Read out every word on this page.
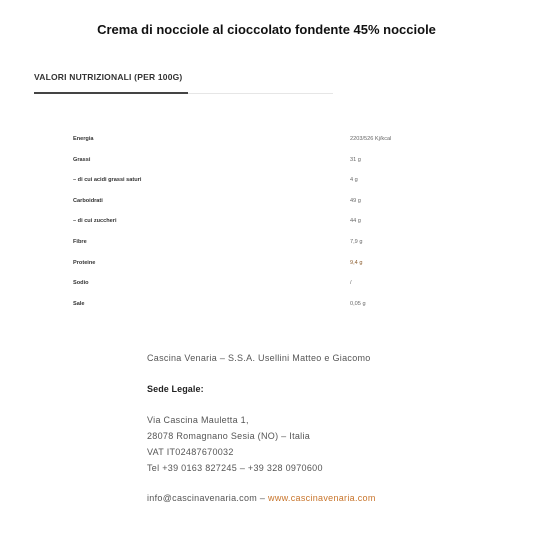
Crema di nocciole al cioccolato fondente 45% nocciole
VALORI NUTRIZIONALI (PER 100G)
Energia	2203/526 Kj/kcal
Grassi	31 g
– di cui acidi grassi saturi	4 g
Carboidrati	49 g
– di cui zuccheri	44 g
Fibre	7,9 g
Proteine	9,4 g
Sodio	/
Sale	0,05 g
Cascina Venaria – S.S.A. Usellini Matteo e Giacomo
Sede Legale:
Via Cascina Mauletta 1,
28078 Romagnano Sesia (NO) – Italia
VAT IT02487670032
Tel +39 0163 827245 – +39 328 0970600
info@cascinavenaria.com – www.cascinavenaria.com
